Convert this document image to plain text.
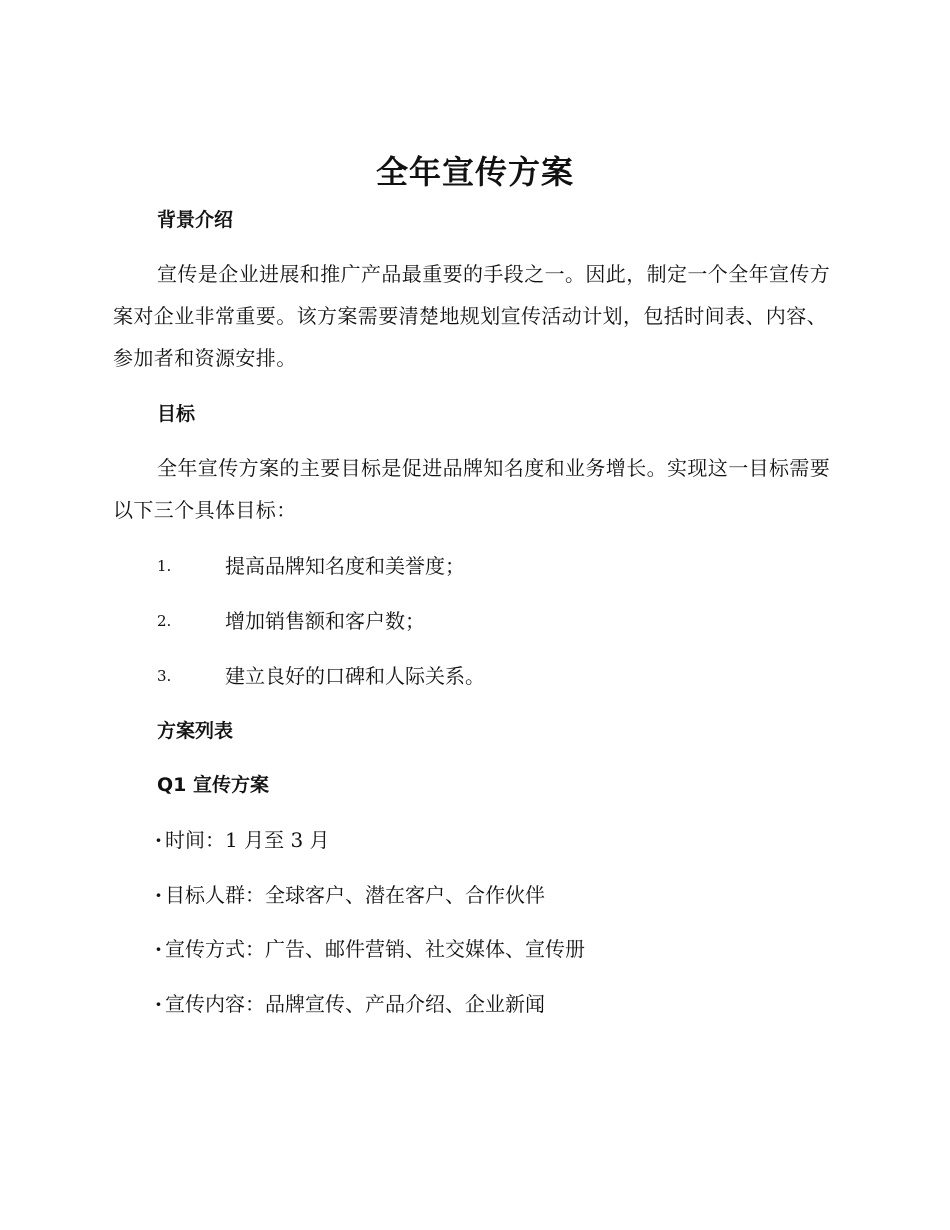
全年宣传方案
背景介绍

宣传是企业进展和推广产品最重要的手段之一。因此，制定一个全年宣传方案对企业非常重要。该方案需要清楚地规划宣传活动计划，包括时间表、内容、参加者和资源安排。

目标

全年宣传方案的主要目标是促进品牌知名度和业务增长。实现这一目标需要以下三个具体目标：

1.	提高品牌知名度和美誉度；
2.	增加销售额和客户数；
3.	建立良好的口碑和人际关系。
方案列表
Q1 宣传方案
· 时间：1 月至 3 月
· 目标人群：全球客户、潜在客户、合作伙伴
· 宣传方式：广告、邮件营销、社交媒体、宣传册
· 宣传内容：品牌宣传、产品介绍、企业新闻
